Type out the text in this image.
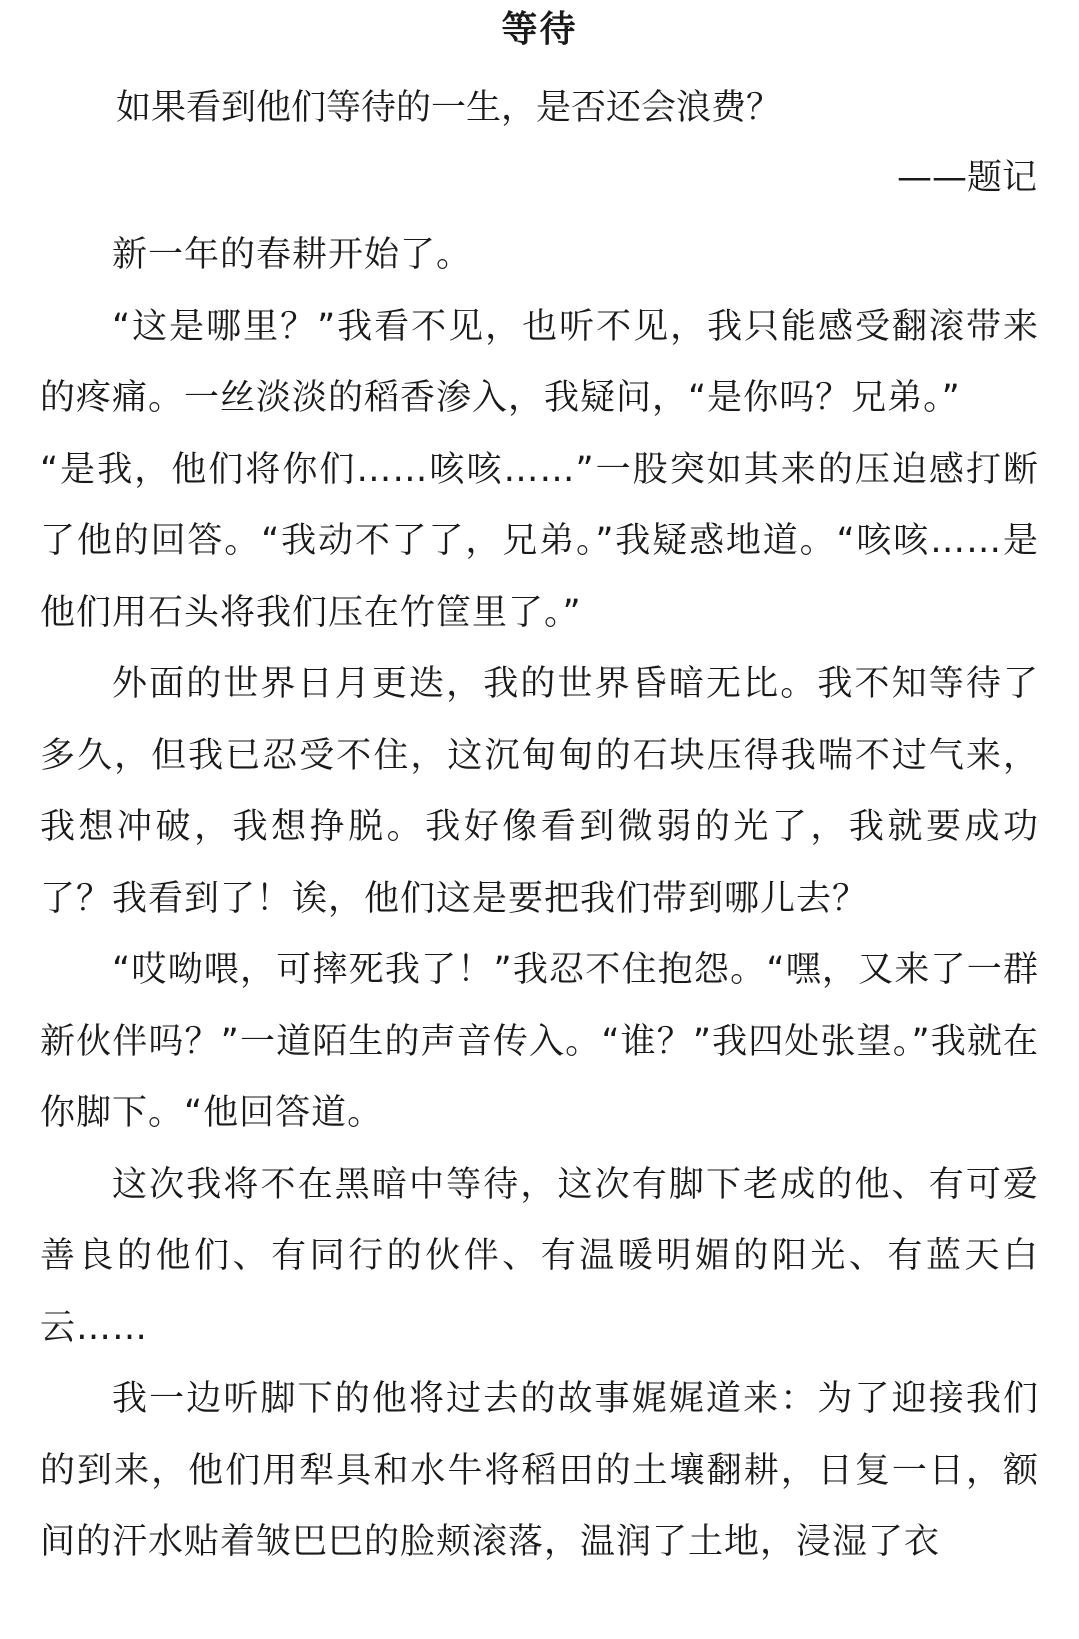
等待
如果看到他们等待的一生，是否还会浪费？
——题记

新一年的春耕开始了。

“这是哪里？”我看不见，也听不见，我只能感受翻滚带来的疼痛。一丝淡淡的稻香渗入，我疑问，“是你吗？兄弟。”

“是我，他们将你们……咳咳……”一股突如其来的压迫感打断了他的回答。“我动不了了，兄弟。”我疑惑地道。“咳咳……是他们用石头将我们压在竹筐里了。”

外面的世界日月更迭，我的世界昏暗无比。我不知等待了多久，但我已忍受不住，这沉甸甸的石块压得我喘不过气来，我想冲破，我想挣脱。我好像看到微弱的光了，我就要成功了？我看到了！诶，他们这是要把我们带到哪儿去？

“哎呦喂，可摔死我了！”我忍不住抱怨。“嘿，又来了一群新伙伴吗？”一道陌生的声音传入。“谁？”我四处张望。”我就在你脚下。“他回答道。

这次我将不在黑暗中等待，这次有脚下老成的他、有可爱善良的他们、有同行的伙伴、有温暖明媚的阳光、有蓝天白云……

我一边听脚下的他将过去的故事娓娓道来：为了迎接我们的到来，他们用犁具和水牛将稻田的土壤翻耕，日复一日，额间的汗水贴着皱巴巴的脸颊滚落，温润了土地，浸湿了衣
